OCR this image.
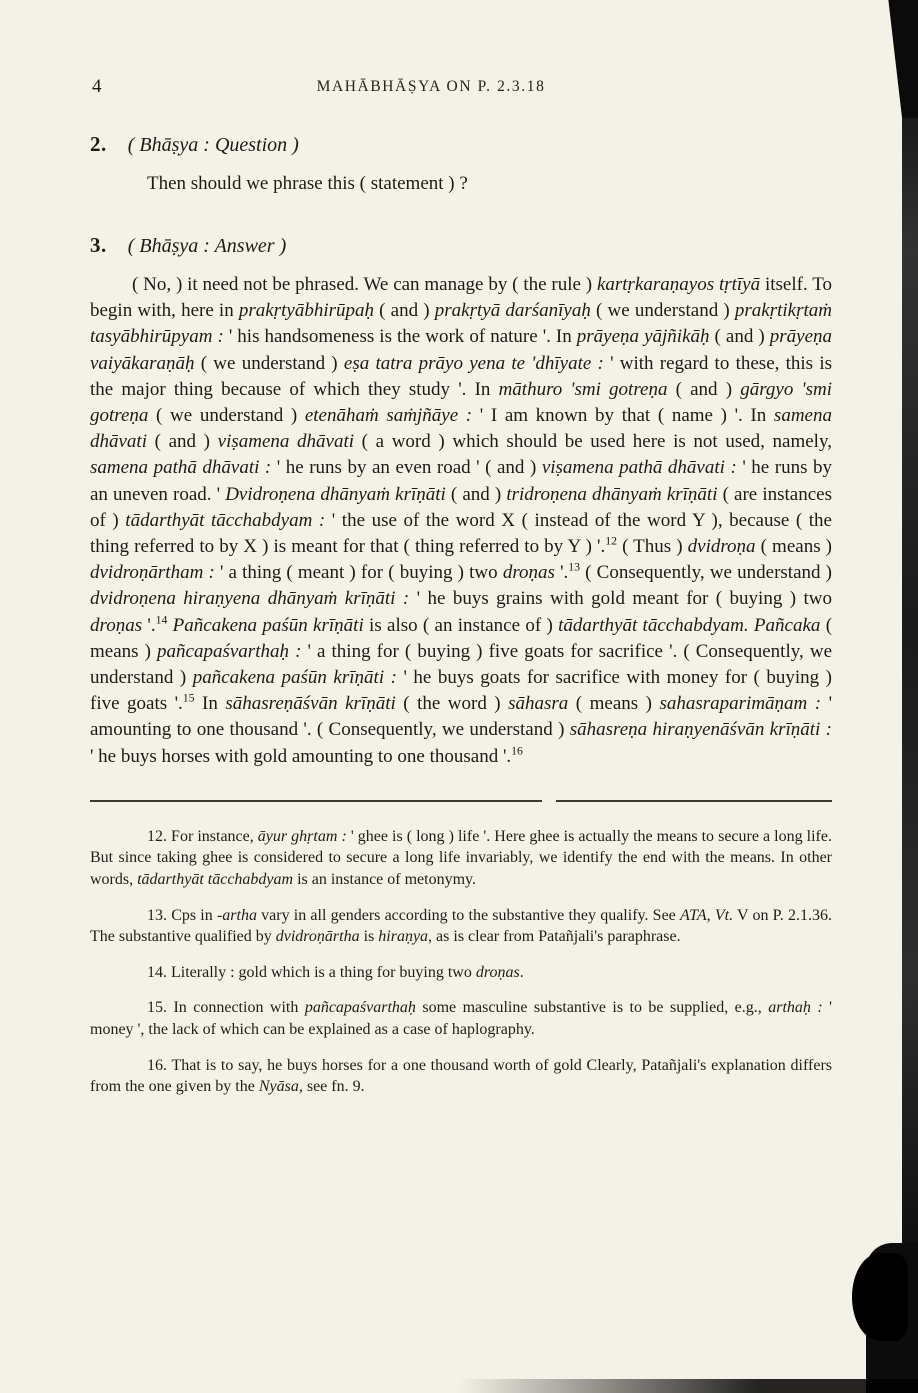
4	MAHĀBHĀṢYA ON P. 2.3.18
2. ( Bhāṣya : Question )

Then should we phrase this ( statement ) ?

3. ( Bhāṣya : Answer )

( No, ) it need not be phrased. We can manage by ( the rule ) kartṛkaraṇayos tṛtīyā itself. To begin with, here in prakṛtyābhirūpaḥ ( and ) prakṛtyā darśanīyaḥ ( we understand ) prakṛtikṛtaṁ tasyābhirūpyam : ' his handsomeness is the work of nature '. In prāyeṇa yājñikāḥ ( and ) prāyeṇa vaiyākaraṇāḥ ( we understand ) eṣa tatra prāyo yena te 'dhīyate : ' with regard to these, this is the major thing because of which they study '. In māthuro 'smi gotreṇa ( and ) gārgyo 'smi gotreṇa ( we understand ) etenāhaṁ saṁjñāye : ' I am known by that ( name ) '. In samena dhāvati ( and ) viṣamena dhāvati ( a word ) which should be used here is not used, namely, samena pathā dhāvati : ' he runs by an even road ' ( and ) viṣamena pathā dhāvati : ' he runs by an uneven road. ' Dvidroṇena dhānyaṁ krīṇāti ( and ) tridroṇena dhānyaṁ krīṇāti ( are instances of ) tādarthyāt tācchabdyam : ' the use of the word X ( instead of the word Y ), because ( the thing referred to by X ) is meant for that ( thing referred to by Y ) '.$^{12}$ ( Thus ) dvidroṇa ( means ) dvidroṇārtham : ' a thing ( meant ) for ( buying ) two droṇas '.$^{13}$ ( Consequently, we understand ) dvidroṇena hiraṇyena dhānyaṁ krīṇāti : ' he buys grains with gold meant for ( buying ) two droṇas '.$^{14}$ Pañcakena paśūn krīṇāti is also ( an instance of ) tādarthyāt tācchabdyam. Pañcaka ( means ) pañcapaśvarthaḥ : ' a thing for ( buying ) five goats for sacrifice '. ( Consequently, we understand ) pañcakena paśūn krīṇāti : ' he buys goats for sacrifice with money for ( buying ) five goats '.$^{15}$ In sāhasreṇāśvān krīṇāti ( the word ) sāhasra ( means ) sahasraparimāṇam : ' amounting to one thousand '. ( Consequently, we understand ) sāhasreṇa hiraṇyenāśvān krīṇāti : ' he buys horses with gold amounting to one thousand '.$^{16}$

12. For instance, āyur ghṛtam : ' ghee is ( long ) life '. Here ghee is actually the means to secure a long life. But since taking ghee is considered to secure a long life invariably, we identify the end with the means. In other words, tādarthyāt tācchabdyam is an instance of metonymy.

13. Cps in -artha vary in all genders according to the substantive they qualify. See ATA, Vt. V on P. 2.1.36. The substantive qualified by dvidroṇārtha is hiraṇya, as is clear from Patañjali's paraphrase.

14. Literally : gold which is a thing for buying two droṇas.

15. In connection with pañcapaśvarthaḥ some masculine substantive is to be supplied, e.g., arthaḥ : ' money ', the lack of which can be explained as a case of haplography.

16. That is to say, he buys horses for a one thousand worth of gold Clearly, Patañjali's explanation differs from the one given by the Nyāsa, see fn. 9.
